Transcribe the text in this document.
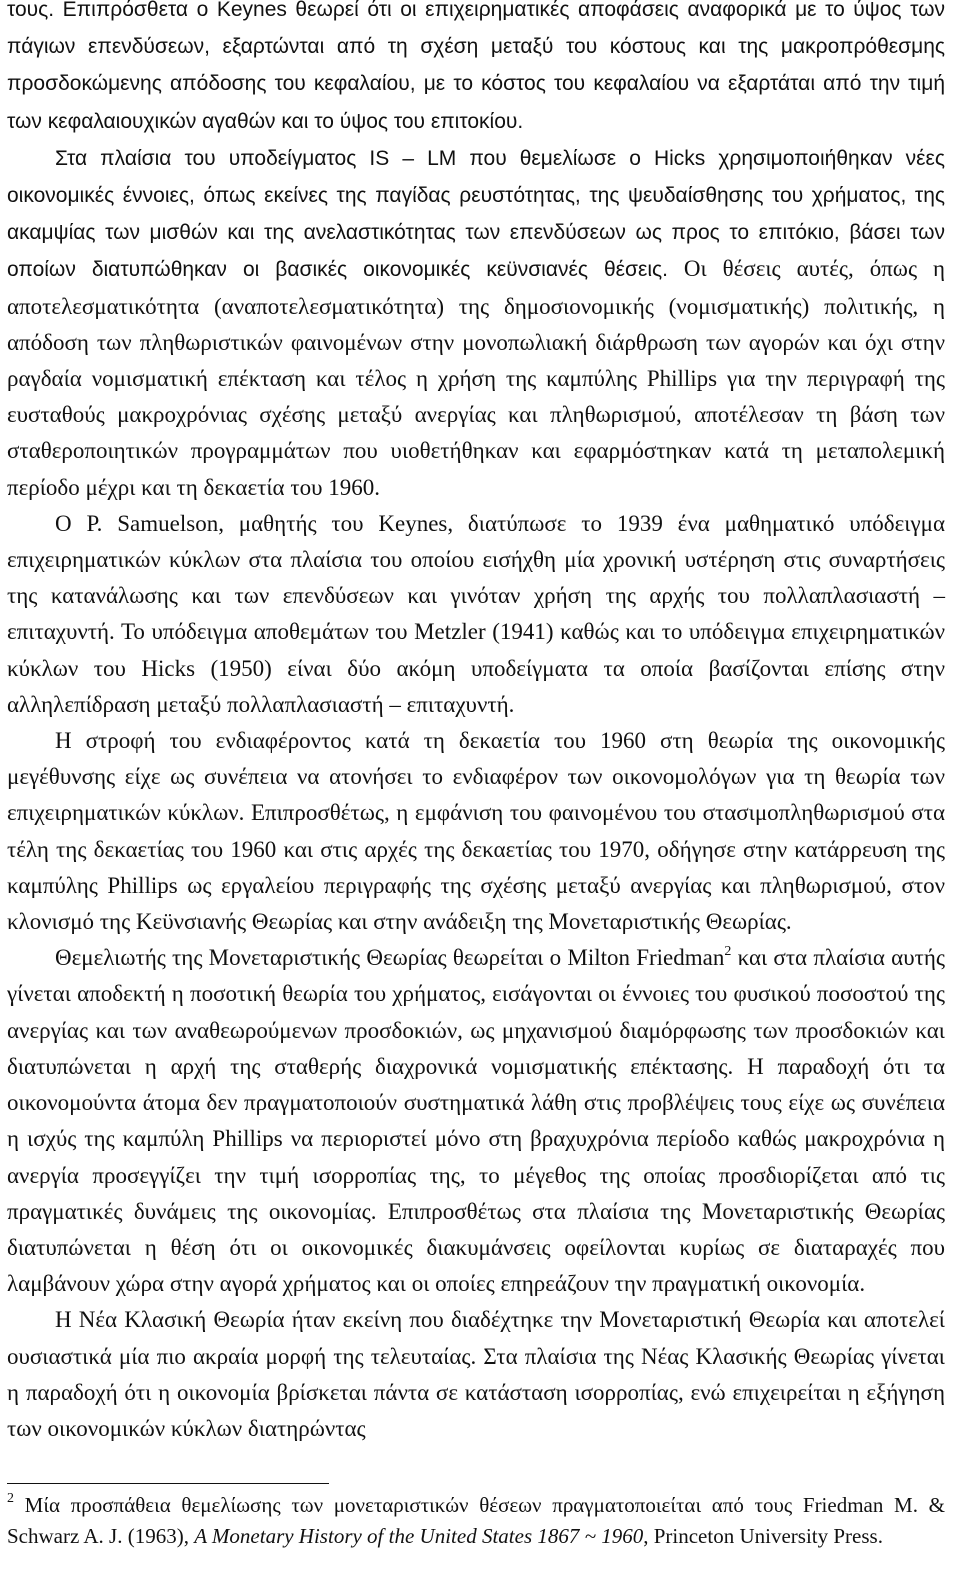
τους. Επιπρόσθετα ο Keynes θεωρεί ότι οι επιχειρηματικές αποφάσεις αναφορικά με το ύψος των πάγιων επενδύσεων, εξαρτώνται από τη σχέση μεταξύ του κόστους και της μακροπρόθεσμης προσδοκώμενης απόδοσης του κεφαλαίου, με το κόστος του κεφαλαίου να εξαρτάται από την τιμή των κεφαλαιουχικών αγαθών και το ύψος του επιτοκίου.

Στα πλαίσια του υποδείγματος IS – LM που θεμελίωσε ο Hicks χρησιμοποιήθηκαν νέες οικονομικές έννοιες, όπως εκείνες της παγίδας ρευστότητας, της ψευδαίσθησης του χρήματος, της ακαμψίας των μισθών και της ανελαστικότητας των επενδύσεων ως προς το επιτόκιο, βάσει των οποίων διατυπώθηκαν οι βασικές οικονομικές κεϋνσιανές θέσεις. Οι θέσεις αυτές, όπως η αποτελεσματικότητα (αναποτελεσματικότητα) της δημοσιονομικής (νομισματικής) πολιτικής, η απόδοση των πληθωριστικών φαινομένων στην μονοπωλιακή διάρθρωση των αγορών και όχι στην ραγδαία νομισματική επέκταση και τέλος η χρήση της καμπύλης Phillips για την περιγραφή της ευσταθούς μακροχρόνιας σχέσης μεταξύ ανεργίας και πληθωρισμού, αποτέλεσαν τη βάση των σταθεροποιητικών προγραμμάτων που υιοθετήθηκαν και εφαρμόστηκαν κατά τη μεταπολεμική περίοδο μέχρι και τη δεκαετία του 1960.

Ο P. Samuelson, μαθητής του Keynes, διατύπωσε το 1939 ένα μαθηματικό υπόδειγμα επιχειρηματικών κύκλων στα πλαίσια του οποίου εισήχθη μία χρονική υστέρηση στις συναρτήσεις της κατανάλωσης και των επενδύσεων και γινόταν χρήση της αρχής του πολλαπλασιαστή – επιταχυντή. Το υπόδειγμα αποθεμάτων του Metzler (1941) καθώς και το υπόδειγμα επιχειρηματικών κύκλων του Hicks (1950) είναι δύο ακόμη υποδείγματα τα οποία βασίζονται επίσης στην αλληλεπίδραση μεταξύ πολλαπλασιαστή – επιταχυντή.

Η στροφή του ενδιαφέροντος κατά τη δεκαετία του 1960 στη θεωρία της οικονομικής μεγέθυνσης είχε ως συνέπεια να ατονήσει το ενδιαφέρον των οικονομολόγων για τη θεωρία των επιχειρηματικών κύκλων. Επιπροσθέτως, η εμφάνιση του φαινομένου του στασιμοπληθωρισμού στα τέλη της δεκαετίας του 1960 και στις αρχές της δεκαετίας του 1970, οδήγησε στην κατάρρευση της καμπύλης Phillips ως εργαλείου περιγραφής της σχέσης μεταξύ ανεργίας και πληθωρισμού, στον κλονισμό της Κεϋνσιανής Θεωρίας και στην ανάδειξη της Μονεταριστικής Θεωρίας.

Θεμελιωτής της Μονεταριστικής Θεωρίας θεωρείται ο Milton Friedman$^2$ και στα πλαίσια αυτής γίνεται αποδεκτή η ποσοτική θεωρία του χρήματος, εισάγονται οι έννοιες του φυσικού ποσοστού της ανεργίας και των αναθεωρούμενων προσδοκιών, ως μηχανισμού διαμόρφωσης των προσδοκιών και διατυπώνεται η αρχή της σταθερής διαχρονικά νομισματικής επέκτασης. Η παραδοχή ότι τα οικονομούντα άτομα δεν πραγματοποιούν συστηματικά λάθη στις προβλέψεις τους είχε ως συνέπεια η ισχύς της καμπύλη Phillips να περιοριστεί μόνο στη βραχυχρόνια περίοδο καθώς μακροχρόνια η ανεργία προσεγγίζει την τιμή ισορροπίας της, το μέγεθος της οποίας προσδιορίζεται από τις πραγματικές δυνάμεις της οικονομίας. Επιπροσθέτως στα πλαίσια της Μονεταριστικής Θεωρίας διατυπώνεται η θέση ότι οι οικονομικές διακυμάνσεις οφείλονται κυρίως σε διαταραχές που λαμβάνουν χώρα στην αγορά χρήματος και οι οποίες επηρεάζουν την πραγματική οικονομία.

Η Νέα Κλασική Θεωρία ήταν εκείνη που διαδέχτηκε την Μονεταριστική Θεωρία και αποτελεί ουσιαστικά μία πιο ακραία μορφή της τελευταίας. Στα πλαίσια της Νέας Κλασικής Θεωρίας γίνεται η παραδοχή ότι η οικονομία βρίσκεται πάντα σε κατάσταση ισορροπίας, ενώ επιχειρείται η εξήγηση των οικονομικών κύκλων διατηρώντας

$^2$ Μία προσπάθεια θεμελίωσης των μονεταριστικών θέσεων πραγματοποιείται από τους Friedman M. & Schwarz A. J. (1963), A Monetary History of the United States 1867 ~ 1960, Princeton University Press.
